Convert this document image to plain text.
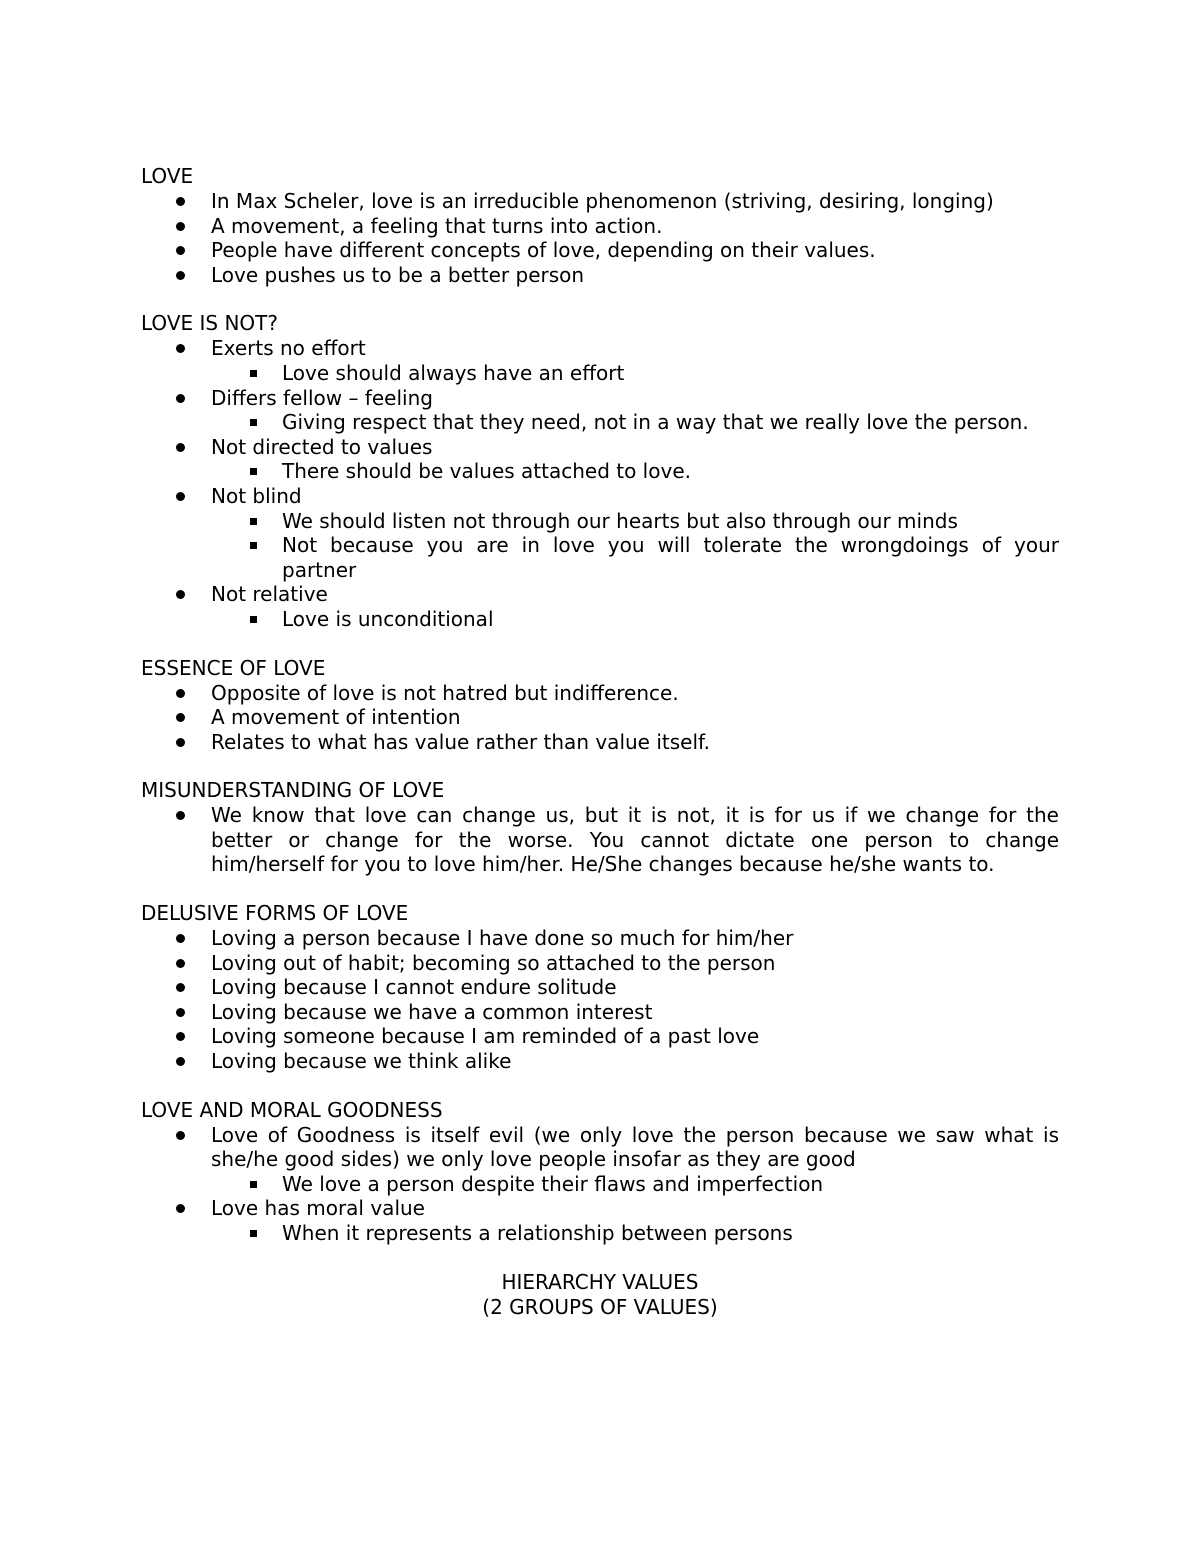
LOVE

In Max Scheler, love is an irreducible phenomenon (striving, desiring, longing)
A movement, a feeling that turns into action.
People have different concepts of love, depending on their values.
Love pushes us to be a better person

LOVE IS NOT?

Exerts no effort
Love should always have an effort
Differs fellow – feeling
Giving respect that they need, not in a way that we really love the person.
Not directed to values
There should be values attached to love.
Not blind
We should listen not through our hearts but also through our minds
Not because you are in love you will tolerate the wrongdoings of your partner
Not relative
Love is unconditional

ESSENCE OF LOVE

Opposite of love is not hatred but indifference.
A movement of intention
Relates to what has value rather than value itself.

MISUNDERSTANDING OF LOVE

We know that love can change us, but it is not, it is for us if we change for the better or change for the worse. You cannot dictate one person to change him/herself for you to love him/her. He/She changes because he/she wants to.

DELUSIVE FORMS OF LOVE

Loving a person because I have done so much for him/her
Loving out of habit; becoming so attached to the person
Loving because I cannot endure solitude
Loving because we have a common interest
Loving someone because I am reminded of a past love
Loving because we think alike

LOVE AND MORAL GOODNESS

Love of Goodness is itself evil (we only love the person because we saw what is she/he good sides) we only love people insofar as they are good
We love a person despite their flaws and imperfection
Love has moral value
When it represents a relationship between persons

HIERARCHY VALUES

(2 GROUPS OF VALUES)
